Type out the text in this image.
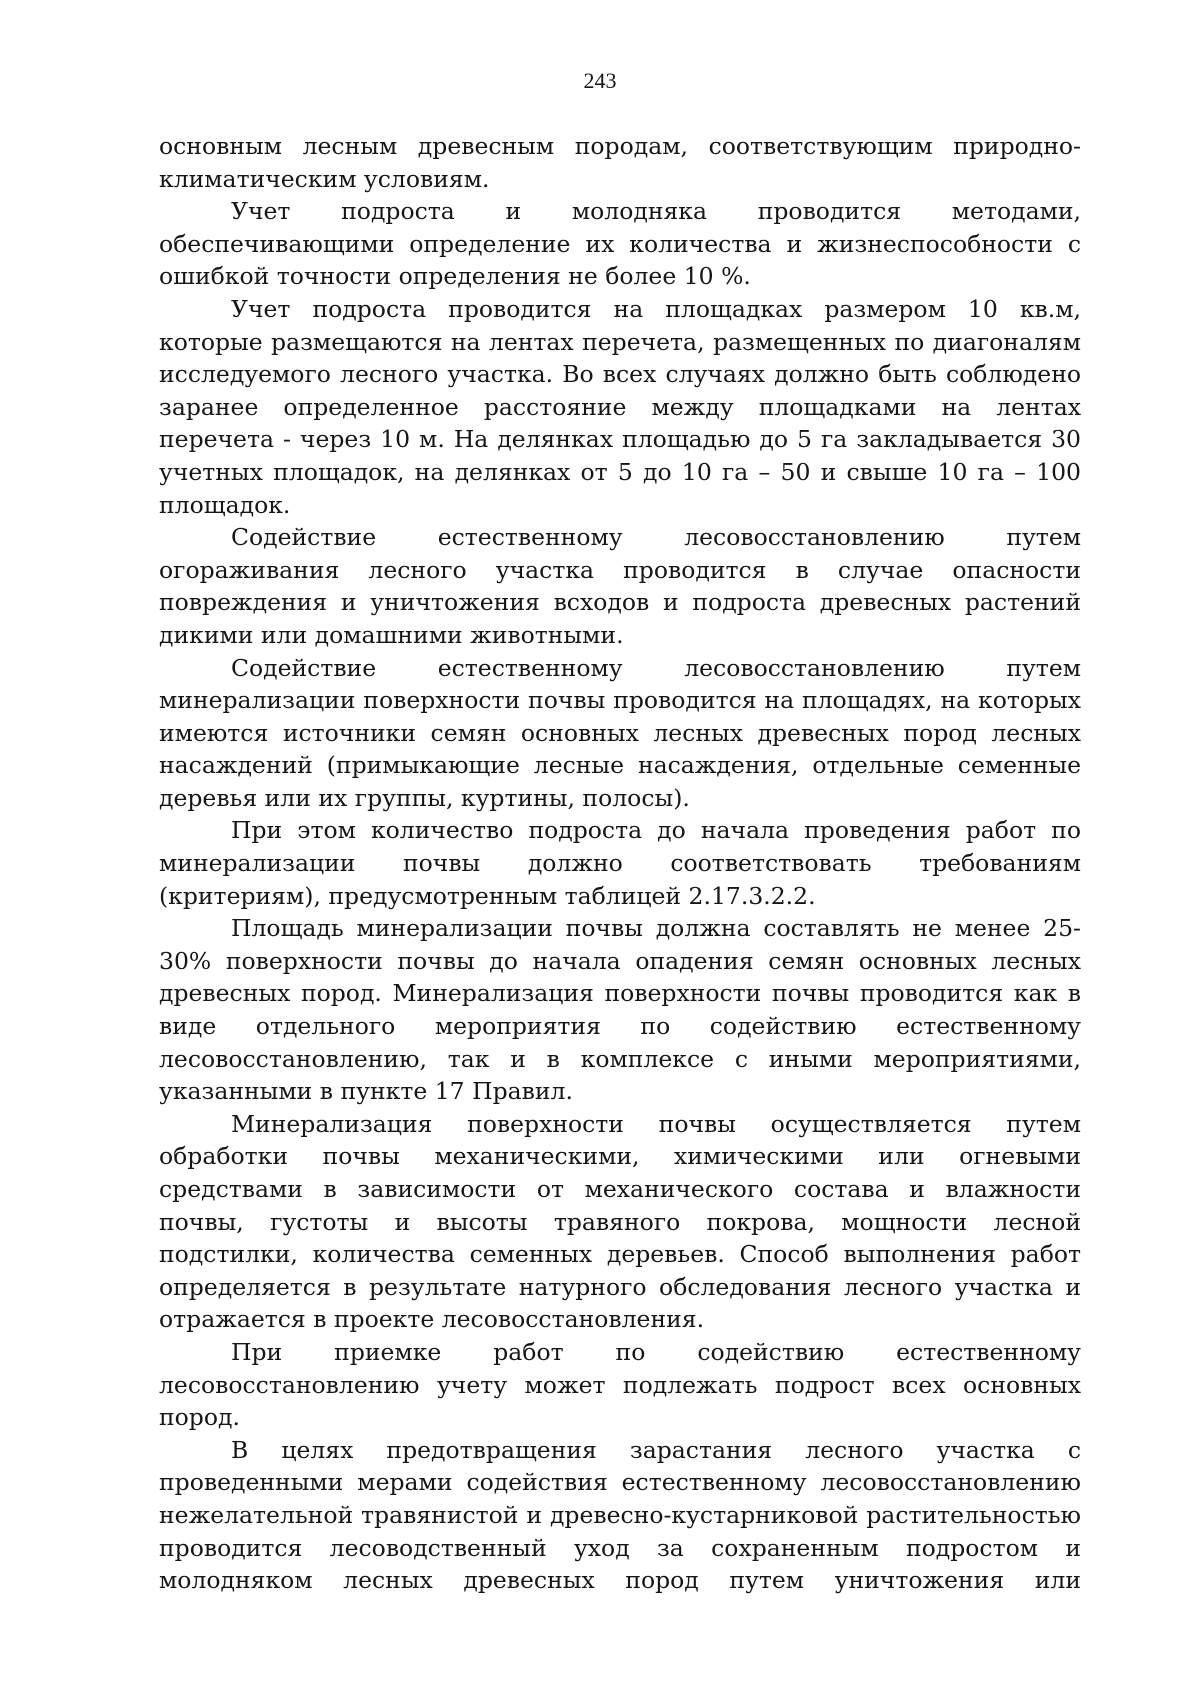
243

основным лесным древесным породам, соответствующим природно-климатическим условиям.

Учет подроста и молодняка проводится методами, обеспечивающими определение их количества и жизнеспособности с ошибкой точности определения не более 10 %.

Учет подроста проводится на площадках размером 10 кв.м, которые размещаются на лентах перечета, размещенных по диагоналям исследуемого лесного участка. Во всех случаях должно быть соблюдено заранее определенное расстояние между площадками на лентах перечета - через 10 м. На делянках площадью до 5 га закладывается 30 учетных площадок, на делянках от 5 до 10 га – 50 и свыше 10 га – 100 площадок.

Содействие естественному лесовосстановлению путем огораживания лесного участка проводится в случае опасности повреждения и уничтожения всходов и подроста древесных растений дикими или домашними животными.

Содействие естественному лесовосстановлению путем минерализации поверхности почвы проводится на площадях, на которых имеются источники семян основных лесных древесных пород лесных насаждений (примыкающие лесные насаждения, отдельные семенные деревья или их группы, куртины, полосы).

При этом количество подроста до начала проведения работ по минерализации почвы должно соответствовать требованиям (критериям), предусмотренным таблицей 2.17.3.2.2.

Площадь минерализации почвы должна составлять не менее 25-30% поверхности почвы до начала опадения семян основных лесных древесных пород. Минерализация поверхности почвы проводится как в виде отдельного мероприятия по содействию естественному лесовосстановлению, так и в комплексе с иными мероприятиями, указанными в пункте 17 Правил.

Минерализация поверхности почвы осуществляется путем обработки почвы механическими, химическими или огневыми средствами в зависимости от механического состава и влажности почвы, густоты и высоты травяного покрова, мощности лесной подстилки, количества семенных деревьев. Способ выполнения работ определяется в результате натурного обследования лесного участка и отражается в проекте лесовосстановления.

При приемке работ по содействию естественному лесовосстановлению учету может подлежать подрост всех основных пород.

В целях предотвращения зарастания лесного участка с проведенными мерами содействия естественному лесовосстановлению нежелательной травянистой и древесно-кустарниковой растительностью проводится лесоводственный уход за сохраненным подростом и молодняком лесных древесных пород путем уничтожения или
